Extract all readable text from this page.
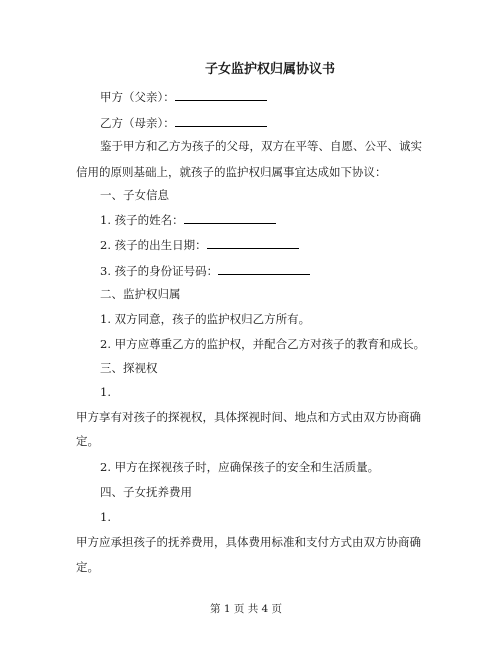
子女监护权归属协议书
甲方（父亲）：
乙方（母亲）：
鉴于甲方和乙方为孩子的父母，双方在平等、自愿、公平、诚实
信用的原则基础上，就孩子的监护权归属事宜达成如下协议：
一、子女信息
1. 孩子的姓名：
2. 孩子的出生日期：
3. 孩子的身份证号码：
二、监护权归属
1. 双方同意，孩子的监护权归乙方所有。
2. 甲方应尊重乙方的监护权，并配合乙方对孩子的教育和成长。
三、探视权
1.
甲方享有对孩子的探视权，具体探视时间、地点和方式由双方协商确
定。
2. 甲方在探视孩子时，应确保孩子的安全和生活质量。
四、子女抚养费用
1.
甲方应承担孩子的抚养费用，具体费用标准和支付方式由双方协商确
定。
第 1 页 共 4 页
